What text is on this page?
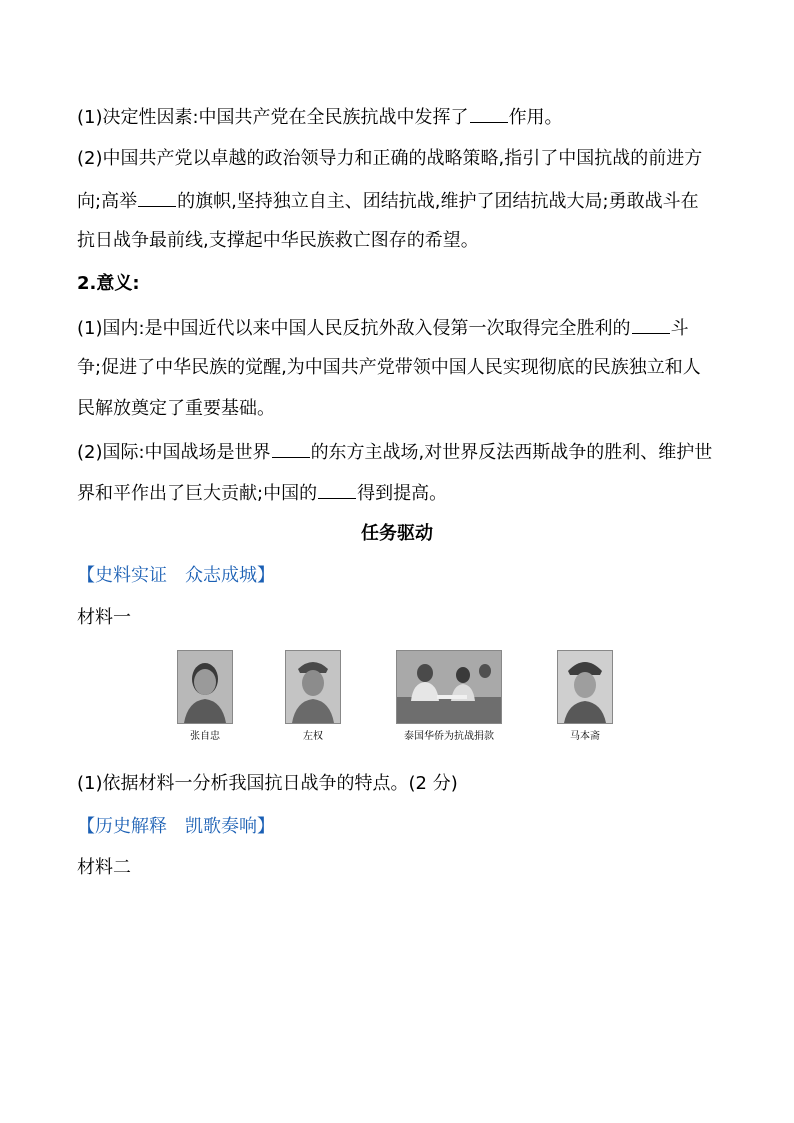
(1)决定性因素:中国共产党在全民族抗战中发挥了 作用。
(2)中国共产党以卓越的政治领导力和正确的战略策略,指引了中国抗战的前进方
向;高举 的旗帜,坚持独立自主、团结抗战,维护了团结抗战大局;勇敢战斗在
抗日战争最前线,支撑起中华民族救亡图存的希望。
2.意义:
(1)国内:是中国近代以来中国人民反抗外敌入侵第一次取得完全胜利的 斗
争;促进了中华民族的觉醒,为中国共产党带领中国人民实现彻底的民族独立和人
民解放奠定了重要基础。
(2)国际:中国战场是世界 的东方主战场,对世界反法西斯战争的胜利、维护世
界和平作出了巨大贡献;中国的 得到提高。
任务驱动
【史料实证　众志成城】
材料一
张自忠	左权	泰国华侨为抗战捐款	马本斋
(1)依据材料一分析我国抗日战争的特点。(2 分)
【历史解释　凯歌奏响】
材料二
